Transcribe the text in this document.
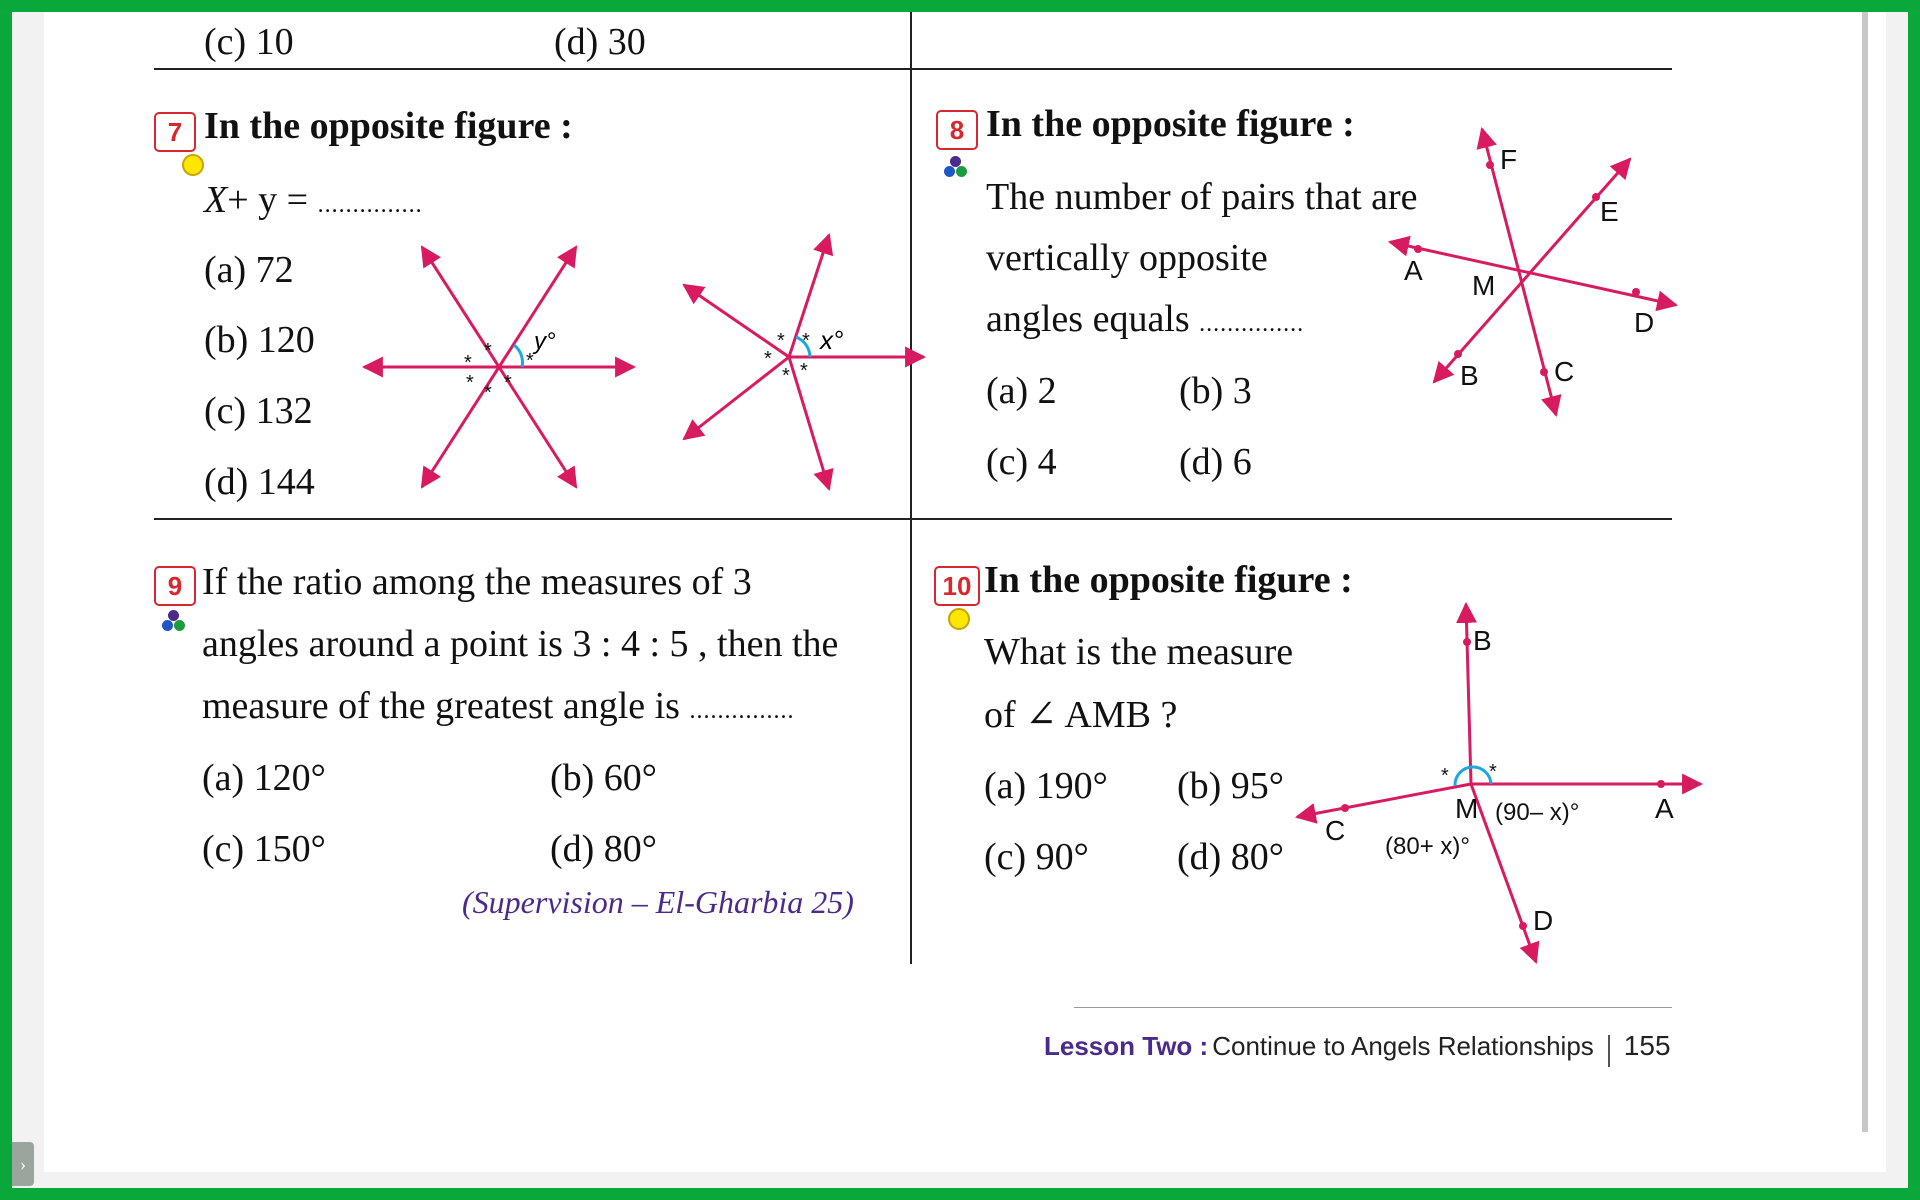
(c) 10	(d) 30
7 In the opposite figure :
X+ y = ...............
(a) 72
(b) 120
(c) 132
(d) 144
*
*	*
* * *
y°	* *
*
* *
x°
8 In the opposite figure :
The number of pairs that are
vertically opposite
angles equals ...............
(a) 2	(b) 3
(c) 4	(d) 6
F
E
A M
D
B	C
9 If the ratio among the measures of 3
angles around a point is 3 : 4 : 5 , then the
measure of the greatest angle is ...............
(a) 120°	(b) 60°
(c) 150°	(d) 80°
(Supervision – El-Gharbia 25)
10 In the opposite figure :
What is the measure
of ∠ AMB ?
(a) 190° (b) 95°
(c) 90° (d) 80°
* *
B
M	A
C
D
(90– x)°
(80+ x)°
Lesson Two : Continue to Angels Relationships 155
›
